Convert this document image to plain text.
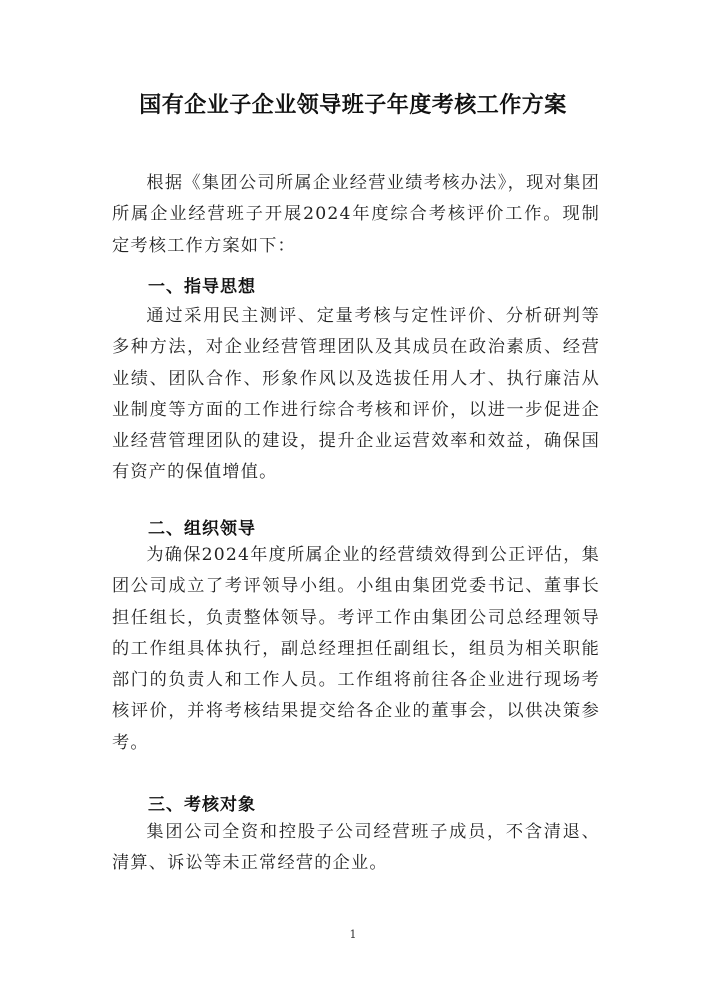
国有企业子企业领导班子年度考核工作方案

根据《集团公司所属企业经营业绩考核办法》，现对集团所属企业经营班子开展2024年度综合考核评价工作。现制定考核工作方案如下：

一、指导思想

通过采用民主测评、定量考核与定性评价、分析研判等多种方法，对企业经营管理团队及其成员在政治素质、经营业绩、团队合作、形象作风以及选拔任用人才、执行廉洁从业制度等方面的工作进行综合考核和评价，以进一步促进企业经营管理团队的建设，提升企业运营效率和效益，确保国有资产的保值增值。

二、组织领导

为确保2024年度所属企业的经营绩效得到公正评估，集团公司成立了考评领导小组。小组由集团党委书记、董事长担任组长，负责整体领导。考评工作由集团公司总经理领导的工作组具体执行，副总经理担任副组长，组员为相关职能部门的负责人和工作人员。工作组将前往各企业进行现场考核评价，并将考核结果提交给各企业的董事会，以供决策参考。

三、考核对象

集团公司全资和控股子公司经营班子成员，不含清退、清算、诉讼等未正常经营的企业。

1
